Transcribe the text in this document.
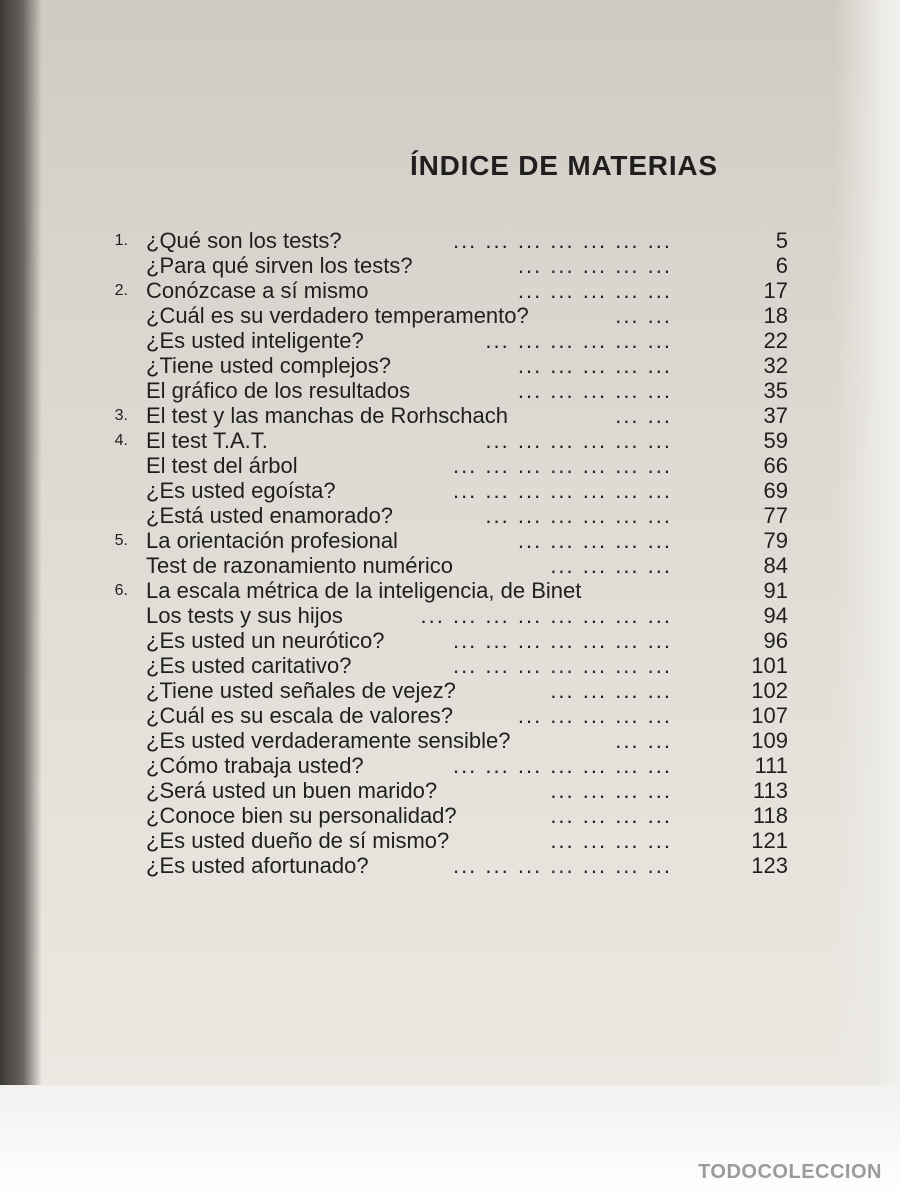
ÍNDICE DE MATERIAS
1. ¿Qué son los tests?	... ... ... ... ... ... ...	5
¿Para qué sirven los tests?	... ... ... ... ...	6
2. Conózcase a sí mismo	... ... ... ... ...	17
¿Cuál es su verdadero temperamento?	... ...	18
¿Es usted inteligente?	... ... ... ... ... ...	22
¿Tiene usted complejos?	... ... ... ... ...	32
El gráfico de los resultados	... ... ... ... ...	35
3. El test y las manchas de Rorhschach	... ...	37
4. El test T.A.T.	... ... ... ... ... ...	59
El test del árbol	... ... ... ... ... ... ...	66
¿Es usted egoísta?	... ... ... ... ... ... ...	69
¿Está usted enamorado?	... ... ... ... ... ...	77
5. La orientación profesional	... ... ... ... ...	79
Test de razonamiento numérico	... ... ... ...	84
6. La escala métrica de la inteligencia, de Binet	91
Los tests y sus hijos	... ... ... ... ... ... ... ...	94
¿Es usted un neurótico?	... ... ... ... ... ... ...	96
¿Es usted caritativo?	... ... ... ... ... ... ...	101
¿Tiene usted señales de vejez?	... ... ... ...	102
¿Cuál es su escala de valores?	... ... ... ... ...	107
¿Es usted verdaderamente sensible?	... ...	109
¿Cómo trabaja usted?	... ... ... ... ... ... ...	111
¿Será usted un buen marido?	... ... ... ...	113
¿Conoce bien su personalidad?	... ... ... ...	118
¿Es usted dueño de sí mismo?	... ... ... ...	121
¿Es usted afortunado?	... ... ... ... ... ... ...	123
TODOCOLECCION
